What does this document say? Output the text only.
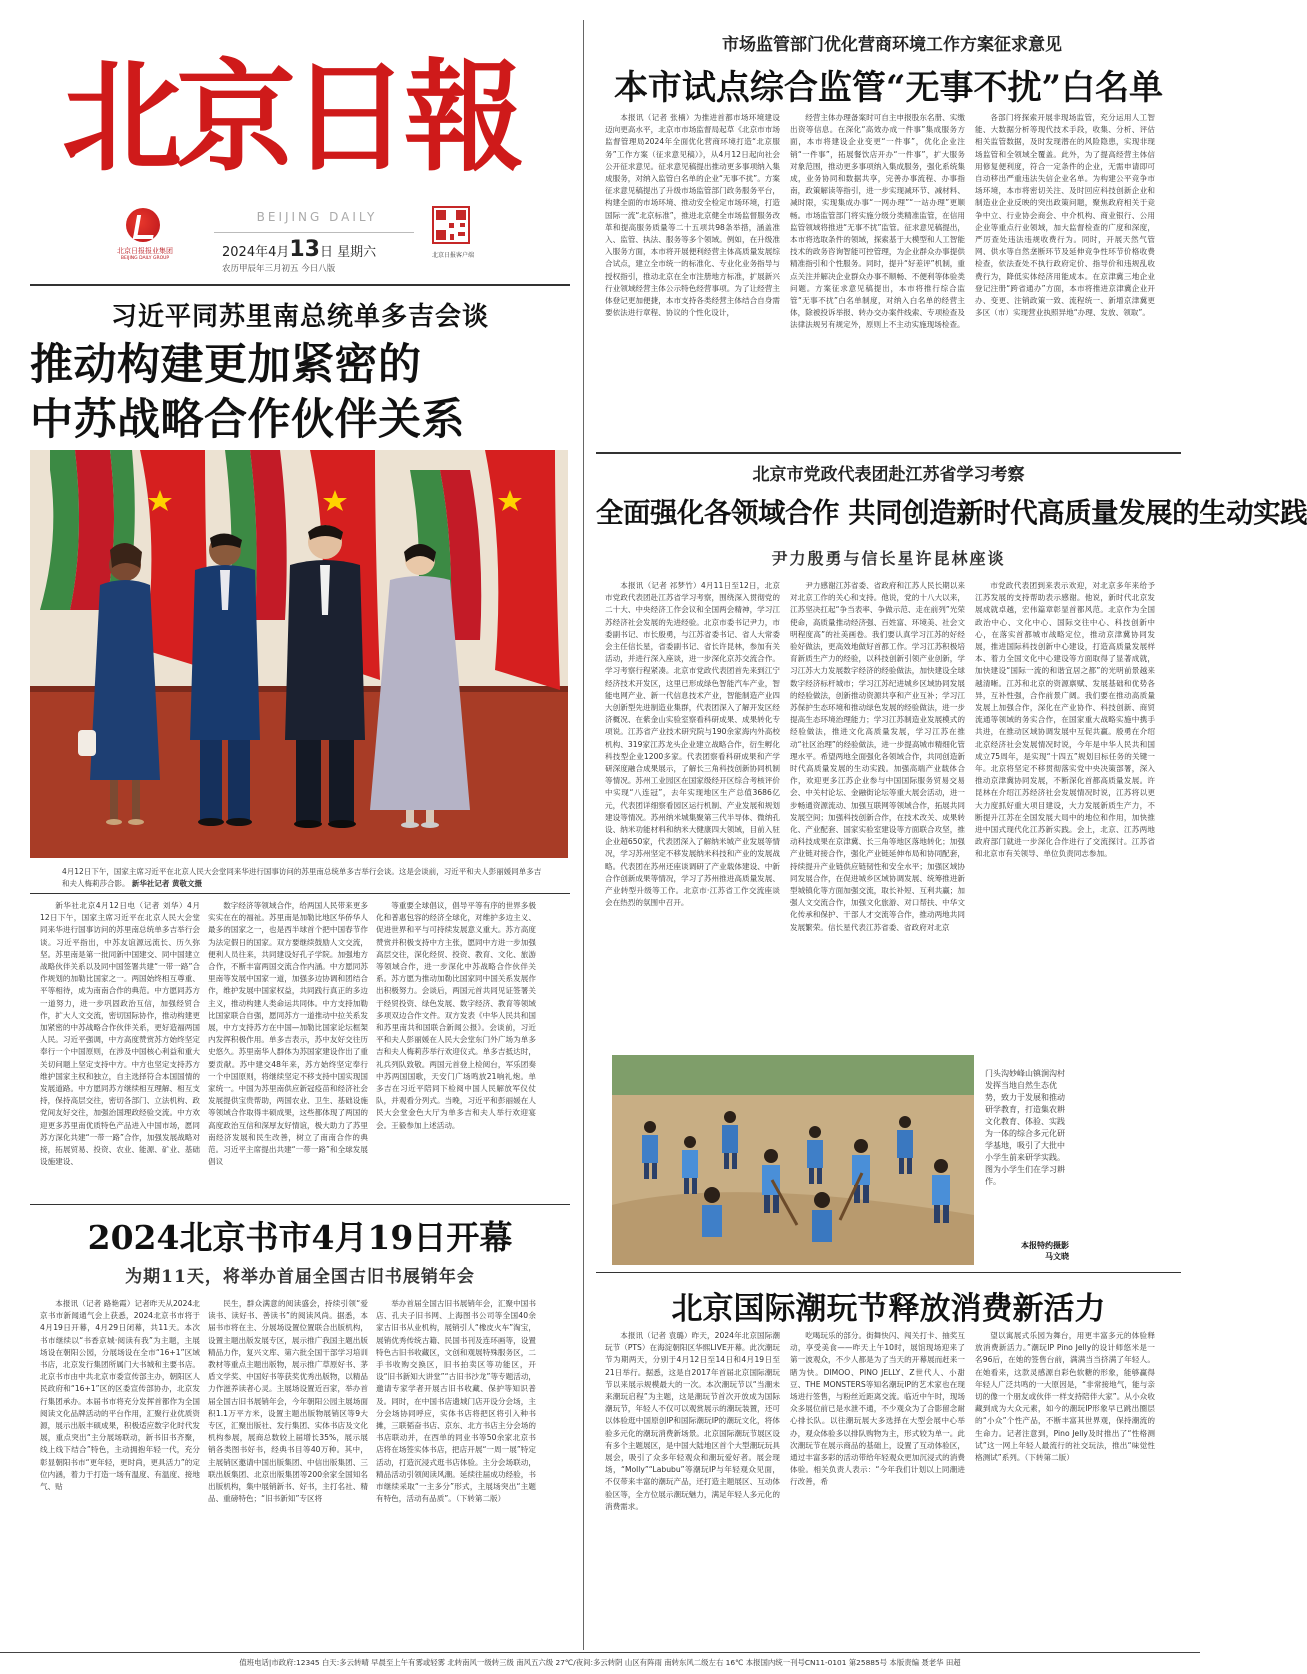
北京日報
BEIJING DAILY
北京日报报业集团
BEIJING DAILY GROUP	2024年4月13日 星期六
农历甲辰年三月初五 今日八版
北京日报客户端
习近平同苏里南总统单多吉会谈
推动构建更加紧密的
中苏战略合作伙伴关系
4月12日下午，国家主席习近平在北京人民大会堂同来华进行国事访问的苏里南总统单多吉举行会谈。这是会谈前，习近平和夫人彭丽媛同单多吉和夫人梅莉莎合影。 新华社记者 黄敬文摄

新华社北京4月12日电（记者 刘华）4月12日下午，国家主席习近平在北京人民大会堂同来华进行国事访问的苏里南总统单多吉举行会谈。习近平指出，中苏友谊源远流长、历久弥坚。苏里南是第一批同新中国建交、同中国建立战略伙伴关系以及同中国签署共建“一带一路”合作规划的加勒比国家之一。两国始终相互尊重、平等相待，成为南南合作的典范。中方愿同苏方一道努力，进一步巩固政治互信，加强经贸合作，扩大人文交流，密切国际协作，推动构建更加紧密的中苏战略合作伙伴关系，更好造福两国人民。习近平强调，中方高度赞赏苏方始终坚定奉行一个中国原则，在涉及中国核心利益和重大关切问题上坚定支持中方。中方也坚定支持苏方维护国家主权和独立，自主选择符合本国国情的发展道路。中方愿同苏方继续相互理解、相互支持，保持高层交往，密切各部门、立法机构、政党间友好交往，加强治国理政经验交流。中方欢迎更多苏里南优质特色产品进入中国市场，愿同苏方深化共建“一带一路”合作，加强发展战略对接，拓展贸易、投资、农业、能源、矿业、基础设施建设、

数字经济等领域合作，给两国人民带来更多实实在在的福祉。苏里南是加勒比地区华侨华人最多的国家之一，也是西半球首个把中国春节作为法定假日的国家。双方要继续鼓励人文交流，便利人员往来，共同建设好孔子学院。加强地方合作，不断丰富两国交流合作内涵。中方愿同苏里南等发展中国家一道，加强多边协调和团结合作，维护发展中国家权益，共同践行真正的多边主义，推动构建人类命运共同体。中方支持加勒比国家联合自强，愿同苏方一道推动中拉关系发展，中方支持苏方在中国—加勒比国家论坛框架内发挥积极作用。单多吉表示，苏中友好交往历史悠久。苏里南华人群体为苏国家建设作出了重要贡献。苏中建交48年来，苏方始终坚定奉行一个中国原则，将继续坚定不移支持中国实现国家统一。中国为苏里南供应新冠疫苗和经济社会发展提供宝贵帮助，两国农业、卫生、基础设施等领域合作取得丰硕成果，这些都体现了两国的高度政治互信和深厚友好情谊，极大助力了苏里南经济发展和民生改善，树立了南南合作的典范。习近平主席提出共建“一带一路”和全球发展倡议

等重要全球倡议，倡导平等有序的世界多极化和普惠包容的经济全球化，对维护多边主义、促进世界和平与可持续发展意义重大。苏方高度赞赏并积极支持中方主张，愿同中方进一步加强高层交往，深化经贸、投资、教育、文化、旅游等领域合作，进一步深化中苏战略合作伙伴关系。苏方愿为推动加勒比国家同中国关系发展作出积极努力。会谈后，两国元首共同见证签署关于经贸投资、绿色发展、数字经济、教育等领域多项双边合作文件。双方发表《中华人民共和国和苏里南共和国联合新闻公报》。会谈前，习近平和夫人彭丽媛在人民大会堂东门外广场为单多吉和夫人梅莉莎举行欢迎仪式。单多吉抵达时，礼兵列队致敬。两国元首登上检阅台，军乐团奏中苏两国国歌，天安门广场鸣放21响礼炮。单多吉在习近平陪同下检阅中国人民解放军仪仗队，并观看分列式。当晚，习近平和彭丽媛在人民大会堂金色大厅为单多吉和夫人举行欢迎宴会。王毅参加上述活动。

2024北京书市4月19日开幕
为期11天，将举办首届全国古旧书展销年会

本报讯（记者 路艳霞）记者昨天从2024北京书市新闻通气会上获悉，2024北京书市将于4月19日开幕，4月29日闭幕，共11天。本次书市继续以“书香京城·阅读有我”为主题，主展场设在朝阳公园，分展场设在全市“16+1”区域书店，北京发行集团所属门大书城和主要书店。北京书市由中共北京市委宣传部主办，朝阳区人民政府和“16+1”区的区委宣传部协办，北京发行集团承办。本届书市将充分发挥首都作为全国阅读文化品牌活动的平台作用，汇聚行业优质资源，展示出版丰硕成果，积极适应数字化时代发展，重点突出“主分展场联动，新书旧书齐聚，线上线下结合”特色，主动拥抱年轻一代，充分彰显朝阳书市“更年轻，更时尚，更具活力”的定位内涵，着力于打造一场有温度、有温度、接地气、贴

民生，群众满意的阅读盛会，持续引领“爱读书、读好书、善读书”的阅读风尚。据悉，本届书市将在主、分展场设置位置联合出版机构，设置主题出版发展专区，展示推广我国主题出版精品力作，复兴文库、第六批全国干部学习培训教材等重点主题出版物，展示推广草原好书、茅盾文学奖、中国好书等获奖优秀出版物，以精品力作滋养读者心灵。主展场设置近百家，举办首届全国古旧书展销年会，今年朝阳公园主展场面积1.1万平方米，设置主题出版物展销区等9大专区，汇聚出版社、发行集团、实体书店及文化机构参展，展商总数较上届增长35%，展示展销各类图书好书，经典书目等40万种。其中，主展销区邀请中国出版集团、中信出版集团、三联出版集团、北京出版集团等200余家全国知名出版机构，集中展销新书、好书，主打名社、精品、重磅特色；“旧书新知”专区将

举办首届全国古旧书展销年会，汇聚中国书店、孔夫子旧书网、上海图书公司等全国40余家古旧书从业机构，展销引人“橡皮火车”淘宝，展销优秀传统古籍、民国书刊及连环画等，设置特色古旧书收藏区，文创和观展特殊服务区，二手书收购交换区，旧书拍卖区等功能区，开设“旧书新知大讲堂”“古旧书沙龙”等专题活动，邀请专家学者开展古旧书收藏、保护等知识普及。同时，在中国书店遗城门店开设分会场，主分会场协同呼应，实体书店将把区将引入种书摊，三联韬奋书店、京东、北方书店主分会场的书店联动并，在西单的同业书等50余家北京书店将在场签实体书店，把店开展“一周一展”特定活动，打造沉浸式逛书店体验。主分会场联动，精品活动引领阅读风潮。延续往届成功经验，书市继续采取“一主多分”形式，主展场突出“主题有特色，活动有品质”。（下转第二版）

市场监管部门优化营商环境工作方案征求意见
本市试点综合监管“无事不扰”白名单

本报讯（记者 张楠）为推进首都市场环境建设迈向更高水平，北京市市场监督局起草《北京市市场监督管理局2024年全面优化营商环境打造“北京服务”工作方案（征求意见稿）》，从4月12日起向社会公开征求意见。征求意见稿提出推动更多事项纳入集成服务，对纳入监管白名单的企业“无事不扰”。方案征求意见稿提出了升级市场监管部门政务服务平台，构建全面的市场环境、推动安全检定市场环境，打造国际一流“北京标准”，推进北京健全市场监督服务改革和提高服务质量等二十五项共98条举措，涵盖准入、监管、执法、服务等多个领域。例如，在升级准入服务方面，本市将开展便利经营主体高质量发展综合试点，建立全市统一的标准化、专业化业务指导与授权指引，推动北京在全市注册地方标准，扩展新兴行业领域经营主体公示特色经营事项。为了让经营主体登记更加便捷，本市支持各类经营主体结合自身需要依法进行章程、协议的个性化设计，

经营主体办理备案时可自主申报股东名册、实缴出资等信息。在深化“高效办成一件事”集成服务方面，本市将建设企业变更“一件事”，优化企业注销“一件事”，拓展餐饮店开办“一件事”，扩大服务对象范围，推动更多事项纳入集成服务，强化系统集成，业务协同和数据共享，完善办事流程、办事指南，政策解读等指引，进一步实现减环节、减材料、减时限，实现集成办事“一网办理”“一站办理”更顺畅。市场监管部门将实施分级分类精准监管，在信用监管领域将推进“无事不扰”监管。征求意见稿提出，本市将选取条件的领域，探索基于大模型和人工智能技术的政务咨询智能可控管理，为企业群众办事提供精准指引和个性服务。同时，提升“好差评”机制，重点关注并解决企业群众办事不顺畅、不便利等体验类问题。方案征求意见稿提出，本市将推行综合监管“无事不扰”白名单制度，对纳入白名单的经营主体，除被投诉举报、转办交办案件线索、专项检查及法律法规另有规定外，原则上不主动实施现场检查。

各部门将探索开展非现场监管，充分运用人工智能、大数据分析等现代技术手段，收集、分析、评估相关监管数据，及时发现潜在的风险隐患，实现非现场监管和全领域全覆盖。此外，为了提高经营主体信用修复便利度，符合一定条件的企业，无需申请即可自动移出严重违法失信企业名单。为构建公平竞争市场环境，本市将密切关注、及时回应科技创新企业和制造业企业反映的突出政策问题，聚焦政府相关于竞争中立、行业协会商会、中介机构、商业银行、公用企业等重点行业领域，加大监督检查的广度和深度，严厉查处违法违规收费行为。同时，开展天然气管网、供水等自然垄断环节及延伸竞争性环节价格收费检查，依法查处不执行政府定价、指导价和违规乱收费行为，降低实体经济用能成本。在京津冀三地企业登记注册“跨省通办”方面，本市将推进京津冀企业开办、变更、注销政策一致、流程统一、新增京津冀更多区（市）实现营业执照异地“办理、发放、领取”。

北京市党政代表团赴江苏省学习考察
全面强化各领域合作 共同创造新时代高质量发展的生动实践
尹力殷勇与信长星许昆林座谈

本报讯（记者 祁梦竹）4月11日至12日，北京市党政代表团赴江苏省学习考察，围绕深入贯彻党的二十大、中央经济工作会议和全国两会精神，学习江苏经济社会发展的先进经验。北京市委书记尹力，市委副书记、市长殷勇，与江苏省委书记、省人大常委会主任信长星，省委副书记、省长许昆林，参加有关活动，并进行深入座谈，进一步深化京苏交流合作。学习考察行程紧凑。北京市党政代表团首先来到江宁经济技术开发区，这里已形成绿色智能汽车产业，智能电网产业、新一代信息技术产业，智能制造产业四大创新型先进制造业集群，代表团深入了解开发区经济概况、在紫金山实验室察看科研成果、成果转化专项说。江苏省产业技术研究院与190余家海内外高校机构、319家江苏龙头企业建立战略合作，衍生孵化科技型企业1200多家。代表团察看科研成果和产学研深度融合成果展示，了解长三角科技创新协同机制等情况。苏州工业园区在国家级经开区综合考核评价中实现“八连冠”，去年实现地区生产总值3686亿元，代表团详细察看园区运行机制、产业发展和规划建设等情况。苏州纳米城集聚第三代半导体、微纳孔设、纳米功能材料和纳米大健康四大领域，目前入驻企业超650家，代表团深入了解纳米城产业发展等情况，学习苏州坚定不移发展纳米科技和产业的发展战略。代表团在苏州还座谈调研了产业载体建设、中新合作创新成果等情况，学习了苏州推进高质量发展、产业转型升级等工作。北京市·江苏省工作交流座谈会在热烈的氛围中召开。

尹力感谢江苏省委、省政府和江苏人民长期以来对北京工作的关心和支持。他说，党的十八大以来，江苏坚决扛起“争当表率、争做示范、走在前列”光荣使命，高质量推动经济强、百姓富、环境美、社会文明程度高”的社美画卷。我们要认真学习江苏的好经验好做法，更高效地做好首都工作。学习江苏积极培育新质生产力的经验，以科技创新引领产业创新，学习江苏大力发展数字经济的经验做法，加快建设全球数字经济标杆城市；学习江苏纪进城乡区域协同发展的经验做法，创新推动资源共享和产业互补；学习江苏保护生态环境和推动绿色发展的经验做法，进一步提高生态环境治理能力；学习江苏制造业发展模式的经验做法，推进文化高质量发展，学习江苏在推动“社区治理”的经验做法，进一步提高城市精细化管理水平。希望两地全面强化各领域合作，共同创造新时代高质量发展的生动实践。加强高端产业载体合作，欢迎更多江苏企业参与中国国际服务贸易交易会、中关村论坛、金融街论坛等重大展会活动，进一步畅通资源流动、加强互联网等领域合作，拓展共同发展空间；加强科技创新合作，在技术改关、成果转化、产业配套、国家实验室建设等方面联合攻坚，推动科技成果在京津冀、长三角等地区落地转化；加强产业链对接合作，强化产业链延伸布局和协同配套，持续提升产业链供应链韧性和安全水平；加强区域协同发展合作，在促进城乡区域协调发展、统筹推进新型城镇化等方面加强交流，取长补短、互利共赢；加强人文交流合作，加强文化旅游、对口帮扶、中华文化传承和保护、干部人才交流等合作，推动两地共同发展繁荣。信长星代表江苏省委、省政府对北京

市党政代表团到来表示欢迎，对北京多年来给予江苏发展的支持帮助表示感谢。他说，新时代北京发展成就卓越，宏伟篇章彰显首都风范。北京作为全国政治中心、文化中心、国际交往中心、科技创新中心，在落实首都城市战略定位，推动京津冀协同发展，推进国际科技创新中心建设，打造高质量发展样本、着力全国文化中心建设等方面取得了显著成就，加快建设“国际一流的和谐宜居之都”的光明前景越来越清晰。江苏和北京的资源禀赋、发展基础和优势各异，互补性强，合作前景广阔。我们要在推动高质量发展上加强合作，深化在产业协作、科技创新、商贸流通等领域的务实合作，在国家重大战略实施中携手共进，在推动区域协调发展中互促共赢。殷勇在介绍北京经济社会发展情况时说，今年是中华人民共和国成立75周年，是实现“十四五”规划目标任务的关键一年。北京将坚定不移贯彻落实党中央决策部署，深入推动京津冀协同发展，不断深化首都高质量发展。许昆林在介绍江苏经济社会发展情况时说，江苏将以更大力度抓好重大项目建设，大力发展新质生产力，不断提升江苏在全国发展大局中的地位和作用，加快推进中国式现代化江苏新实践。会上，北京、江苏两地政府部门就进一步深化合作进行了交流探讨。江苏省和北京市有关领导、单位负责同志参加。

门头沟妙峰山镇涧沟村发挥当地自然生态优势，致力于发展和推动研学教育，打造集农耕文化教育、体验、实践为一体的综合多元化研学基地，吸引了大批中小学生前来研学实践。图为小学生们在学习耕作。
本报特约摄影
马文晓
北京国际潮玩节释放消费新活力

本报讯（记者 袁璐）昨天，2024年北京国际潮玩节（PTS）在海淀朝阳区华熙LIVE开幕。此次潮玩节为期两天，分别于4月12日至14日和4月19日至21日举行。据悉，这是自2017年首届北京国际潮玩节以来展示规模最大的一次。本次潮玩节以“当潮未来潮玩启程”为主题，这是潮玩节首次开放成为国际潮玩节，年轻人不仅可以观赏展示的潮玩装置，还可以体验逛中国原创IP和国际潮玩IP的潮玩文化，将体验多元化的潮玩消费新场景。北京国际潮玩节展区设有多个主题展区，是中国大陆地区首个大型潮玩玩具展会，吸引了众多年轻观众和潮玩爱好者。展会现场，“Molly”“Labubu”等潮玩IP与年轻观众见面，不仅带来丰富的潮玩产品，还打造主题展区、互动体验区等，全方位展示潮玩魅力，满足年轻人多元化的消费需求。

吃喝玩乐的部分。街舞快闪、闯关打卡、抽奖互动，享受美食——昨天上午10时，展馆现场迎来了第一波观众，不少人都是为了当天的开幕展而赶来一睹为快。DIMOO、PINO JELLY、Z世代人、小甜豆、THE MONSTERS等知名潮玩IP的艺术家也在现场进行签售，与粉丝近距离交流。临近中午时，现场众多展位前已是水泄不通，不少观众为了合影留念耐心排长队。以往潮玩展大多选择在大型会展中心举办，观众体验多以排队购物为主，形式较为单一。此次潮玩节在展示商品的基础上，设置了互动体验区，通过丰富多彩的活动带给年轻观众更加沉浸式的消费体验。相关负责人表示：“今年我们计划以上同潮进行改善，希

望以寓展式乐园为舞台，用更丰富多元的体验释放消费新活力。”潮玩IP Pino Jelly的设计师悠米是一名96后，在她的签售台前，满满当当挤满了年轻人。在她看来，这款灵感源自彩色软糖的形象，能够赢得年轻人广泛共鸣的一大原因是，“非常接地气，能与亲切的像一个朋友或伙伴一样支持陪伴大家”。从小众收藏到成为大众元素，如今的潮玩IP形象早已跳出圈层的“小众”个性产品，不断丰富其世界观，保持潮流的生命力。记者注意到，Pino Jelly及时推出了“性格测试”这一网上年轻人最流行的社交玩法，推出“味觉性格测试”系列。（下转第二版）

值班电话|市政府:12345 白天:多云转晴 早晨至上午有雾或轻雾 北转南风一级转三级 南风五六级 27℃/夜间:多云转阴 山区有阵雨 南转东风二级左右 16℃ 本报国内统一刊号CN11-0101 第25885号 本版责编 聂老华 田超
